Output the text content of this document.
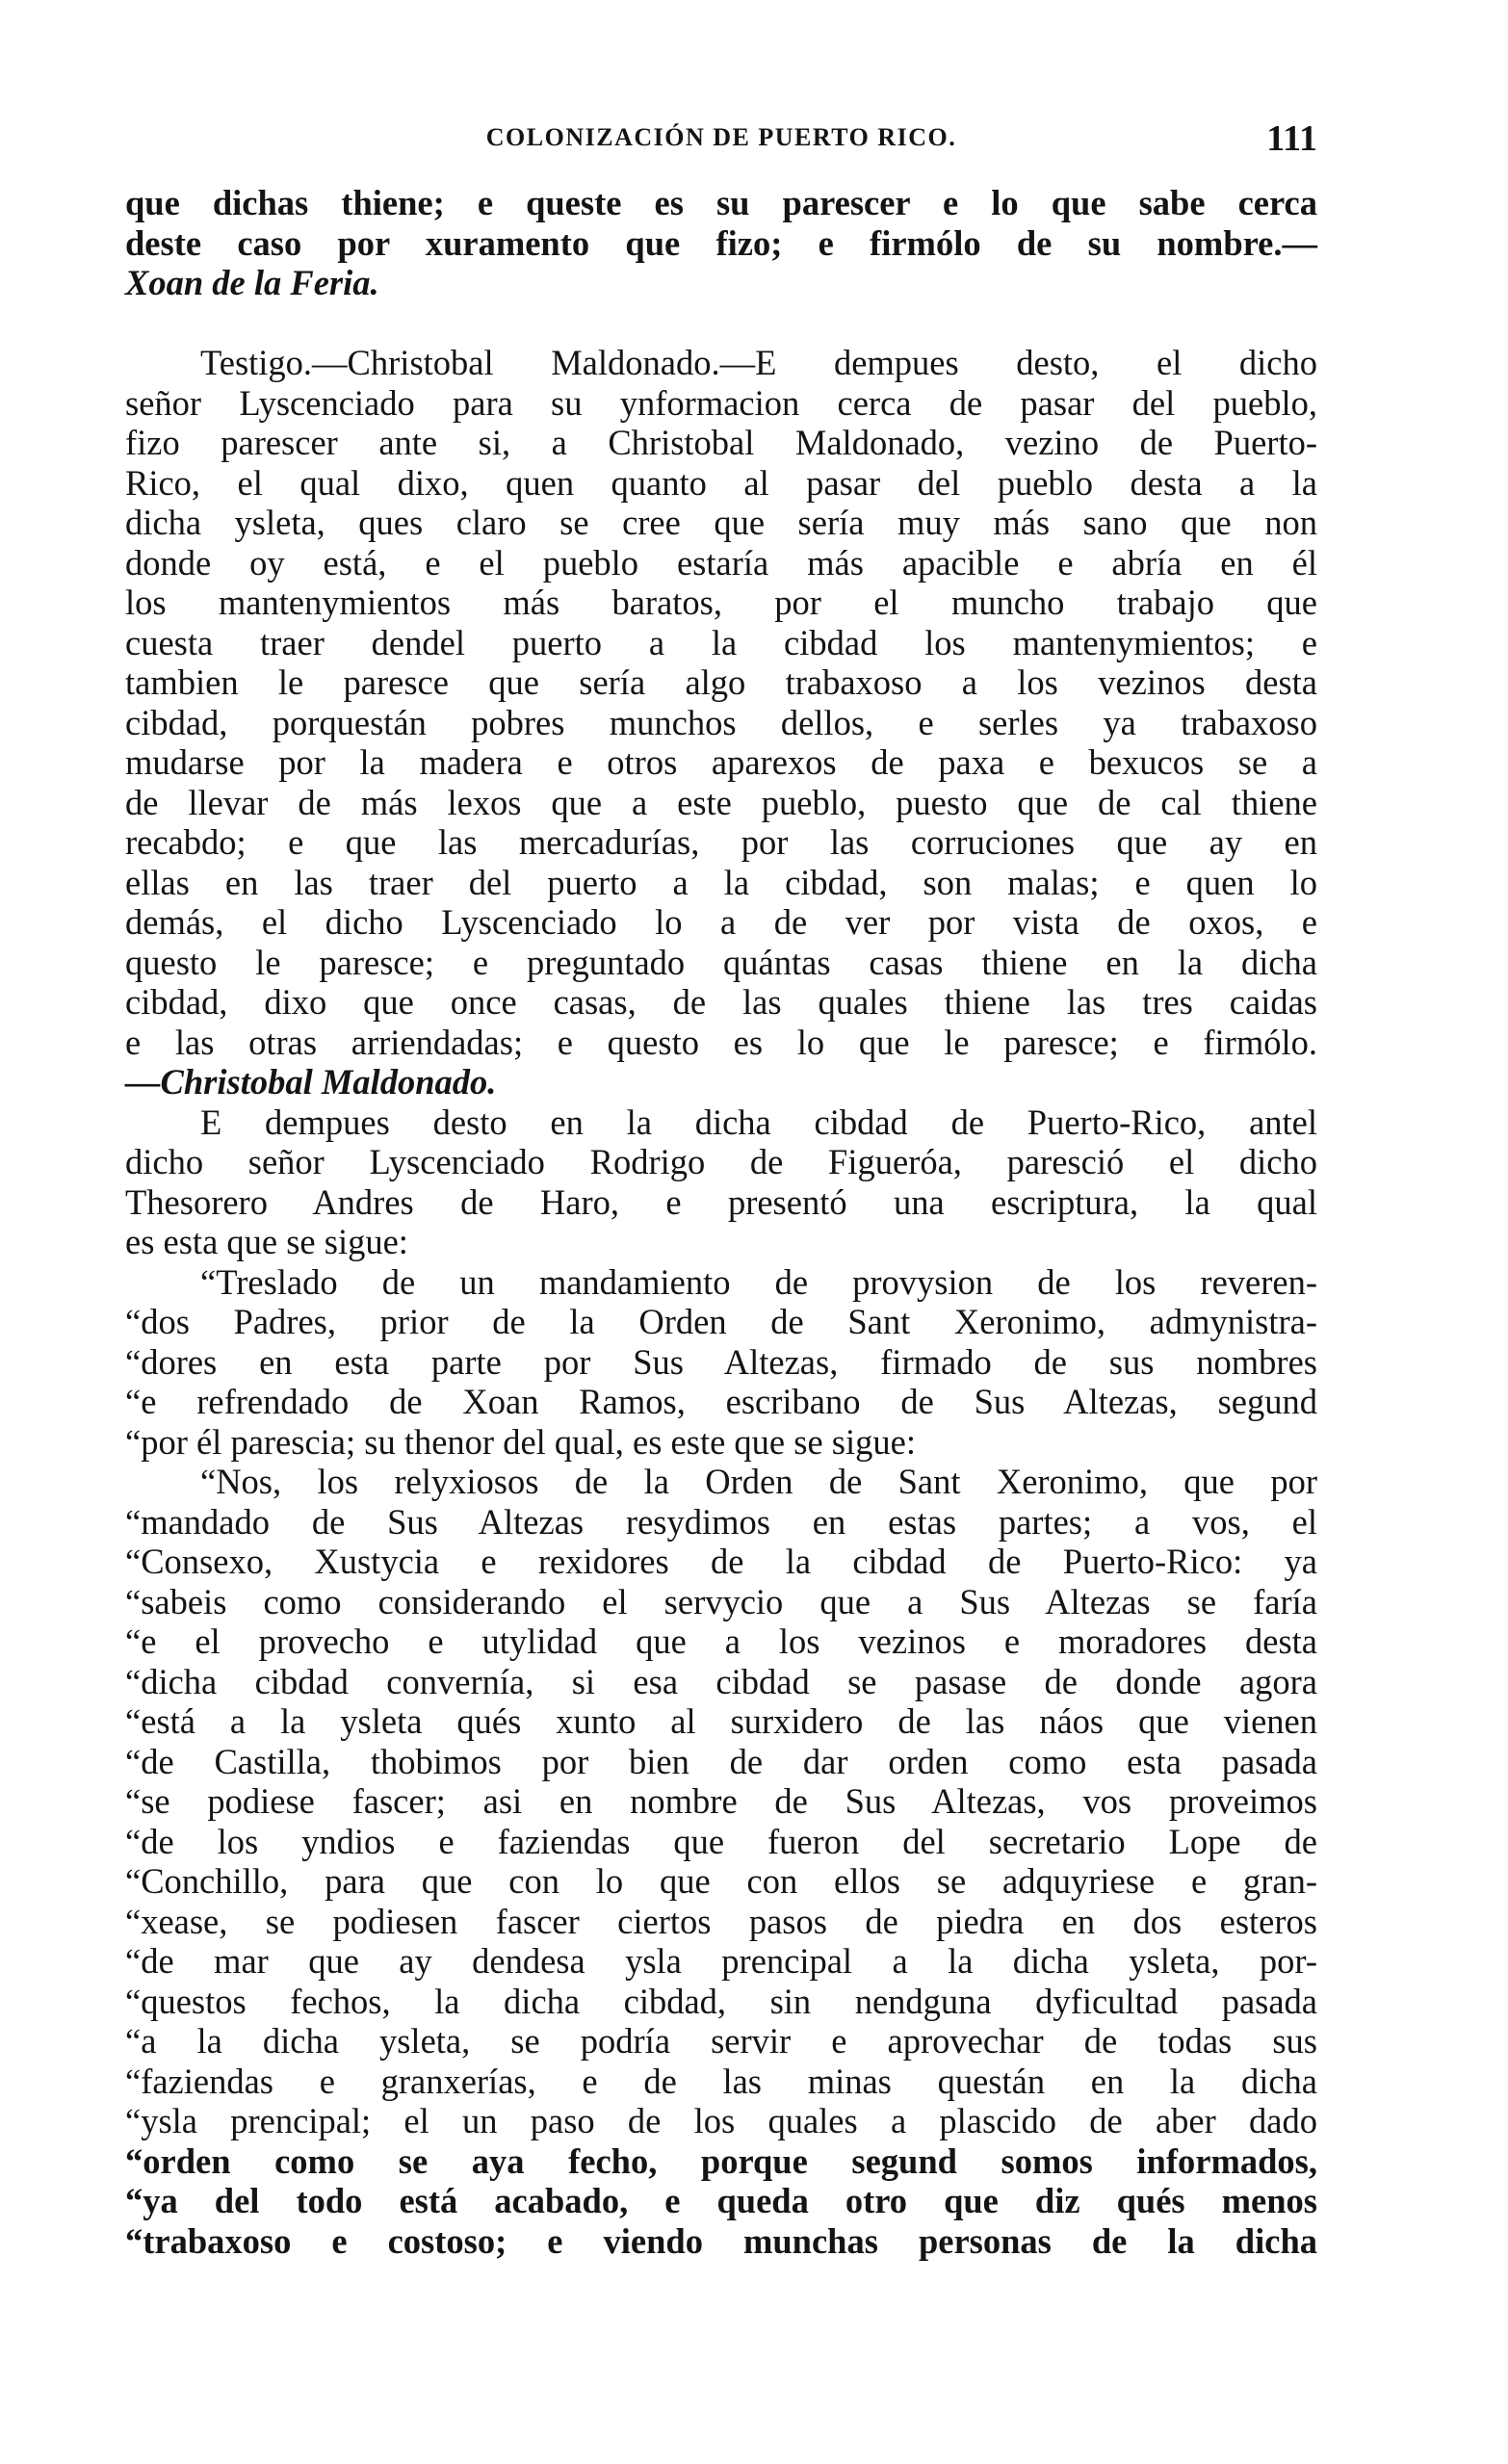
COLONIZACIÓN DE PUERTO RICO.	111
que dichas thiene; e queste es su parescer e lo que sabe cerca
deste caso por xuramento que fizo; e firmólo de su nombre.—
Xoan de la Feria.
Testigo.—Christobal Maldonado.—E dempues desto, el dicho
señor Lyscenciado para su ynformacion cerca de pasar del pueblo,
fizo parescer ante si, a Christobal Maldonado, vezino de Puerto-
Rico, el qual dixo, quen quanto al pasar del pueblo desta a la
dicha ysleta, ques claro se cree que sería muy más sano que non
donde oy está, e el pueblo estaría más apacible e abría en él
los mantenymientos más baratos, por el muncho trabajo que
cuesta traer dendel puerto a la cibdad los mantenymientos; e
tambien le paresce que sería algo trabaxoso a los vezinos desta
cibdad, porquestán pobres munchos dellos, e serles ya trabaxoso
mudarse por la madera e otros aparexos de paxa e bexucos se a
de llevar de más lexos que a este pueblo, puesto que de cal thiene
recabdo; e que las mercadurías, por las corruciones que ay en
ellas en las traer del puerto a la cibdad, son malas; e quen lo
demás, el dicho Lyscenciado lo a de ver por vista de oxos, e
questo le paresce; e preguntado quántas casas thiene en la dicha
cibdad, dixo que once casas, de las quales thiene las tres caidas
e las otras arriendadas; e questo es lo que le paresce; e firmólo.
—Christobal Maldonado.
E dempues desto en la dicha cibdad de Puerto-Rico, antel
dicho señor Lyscenciado Rodrigo de Figueróa, paresció el dicho
Thesorero Andres de Haro, e presentó una escriptura, la qual
es esta que se sigue:
“Treslado de un mandamiento de provysion de los reveren-
“dos Padres, prior de la Orden de Sant Xeronimo, admynistra-
“dores en esta parte por Sus Altezas, firmado de sus nombres
“e refrendado de Xoan Ramos, escribano de Sus Altezas, segund
“por él parescia; su thenor del qual, es este que se sigue:
“Nos, los relyxiosos de la Orden de Sant Xeronimo, que por
“mandado de Sus Altezas resydimos en estas partes; a vos, el
“Consexo, Xustycia e rexidores de la cibdad de Puerto-Rico: ya
“sabeis como considerando el servycio que a Sus Altezas se faría
“e el provecho e utylidad que a los vezinos e moradores desta
“dicha cibdad convernía, si esa cibdad se pasase de donde agora
“está a la ysleta qués xunto al surxidero de las náos que vienen
“de Castilla, thobimos por bien de dar orden como esta pasada
“se podiese fascer; asi en nombre de Sus Altezas, vos proveimos
“de los yndios e faziendas que fueron del secretario Lope de
“Conchillo, para que con lo que con ellos se adquyriese e gran-
“xease, se podiesen fascer ciertos pasos de piedra en dos esteros
“de mar que ay dendesa ysla prencipal a la dicha ysleta, por-
“questos fechos, la dicha cibdad, sin nendguna dyficultad pasada
“a la dicha ysleta, se podría servir e aprovechar de todas sus
“faziendas e granxerías, e de las minas questán en la dicha
“ysla prencipal; el un paso de los quales a plascido de aber dado
“orden como se aya fecho, porque segund somos informados,
“ya del todo está acabado, e queda otro que diz qués menos
“trabaxoso e costoso; e viendo munchas personas de la dicha
